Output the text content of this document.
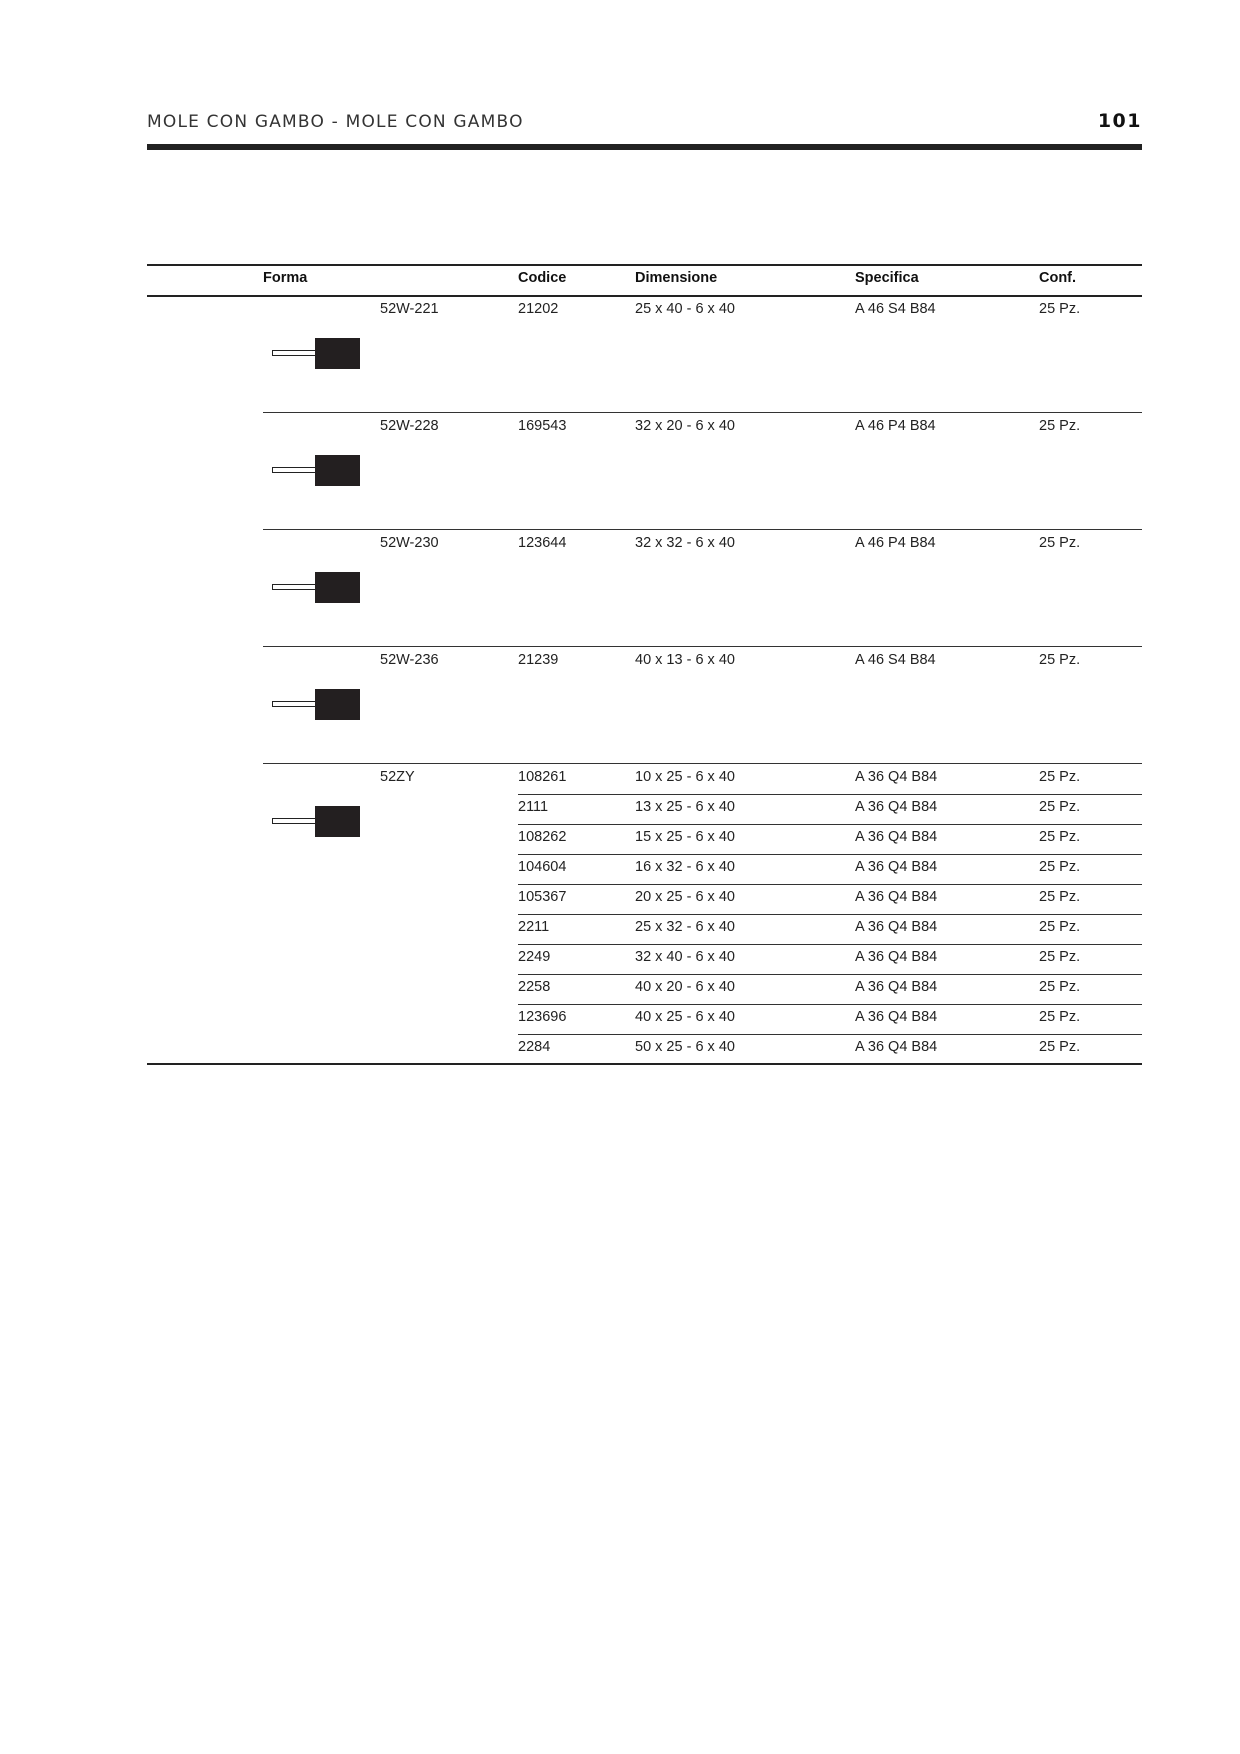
MOLE CON GAMBO - MOLE CON GAMBO	101
Forma	Codice	Dimensione	Specifica	Conf.
52W-221	21202	25 x 40 - 6 x 40	A 46 S4 B84	25 Pz.
52W-228	169543	32 x 20 - 6 x 40	A 46 P4 B84	25 Pz.
52W-230	123644	32 x 32 - 6 x 40	A 46 P4 B84	25 Pz.
52W-236	21239	40 x 13 - 6 x 40	A 46 S4 B84	25 Pz.
52ZY	108261	10 x 25 - 6 x 40	A 36 Q4 B84	25 Pz.
2111	13 x 25 - 6 x 40	A 36 Q4 B84	25 Pz.
108262	15 x 25 - 6 x 40	A 36 Q4 B84	25 Pz.
104604	16 x 32 - 6 x 40	A 36 Q4 B84	25 Pz.
105367	20 x 25 - 6 x 40	A 36 Q4 B84	25 Pz.
2211	25 x 32 - 6 x 40	A 36 Q4 B84	25 Pz.
2249	32 x 40 - 6 x 40	A 36 Q4 B84	25 Pz.
2258	40 x 20 - 6 x 40	A 36 Q4 B84	25 Pz.
123696	40 x 25 - 6 x 40	A 36 Q4 B84	25 Pz.
2284	50 x 25 - 6 x 40	A 36 Q4 B84	25 Pz.
